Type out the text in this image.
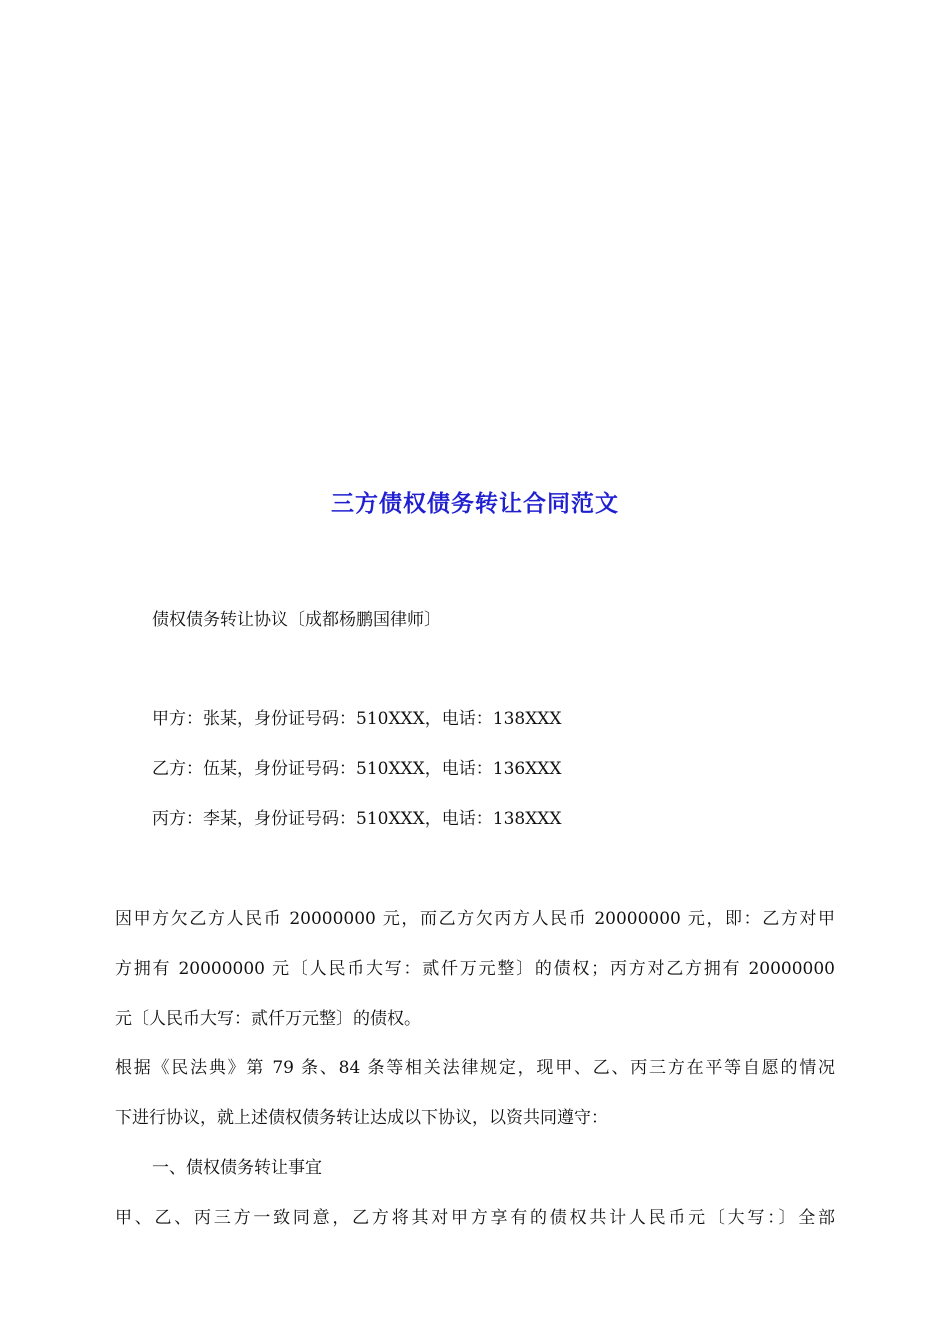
三方债权债务转让合同范文
债权债务转让协议〔成都杨鹏国律师〕
甲方：张某，身份证号码：510XXX，电话：138XXX
乙方：伍某，身份证号码：510XXX，电话：136XXX
丙方：李某，身份证号码：510XXX，电话：138XXX
因甲方欠乙方人民币 20000000 元，而乙方欠丙方人民币 20000000 元，即：乙方对甲
方拥有 20000000 元〔人民币大写：贰仟万元整〕的债权；丙方对乙方拥有 20000000
元〔人民币大写：贰仟万元整〕的债权。
根据《民法典》第 79 条、84 条等相关法律规定，现甲、乙、丙三方在平等自愿的情况
下进行协议，就上述债权债务转让达成以下协议，以资共同遵守：
一、债权债务转让事宜
甲、乙、丙三方一致同意，乙方将其对甲方享有的债权共计人民币元〔大写：〕全部
